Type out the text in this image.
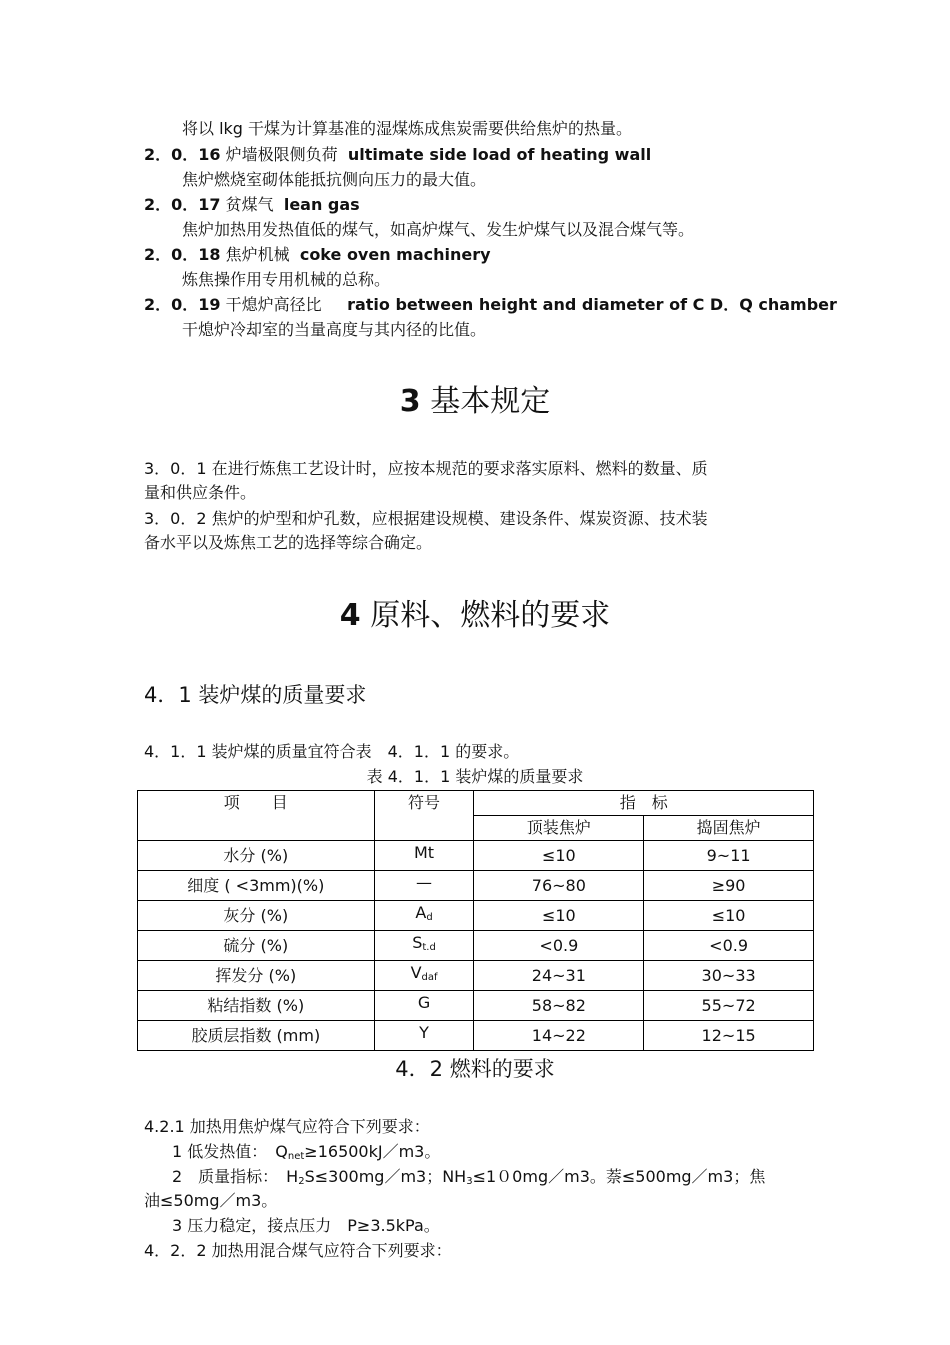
将以 lkg 干煤为计算基准的湿煤炼成焦炭需要供给焦炉的热量。
2．0．16 炉墙极限侧负荷 ultimate side load of heating wall
焦炉燃烧室砌体能抵抗侧向压力的最大值。
2．0．17 贫煤气 lean gas
焦炉加热用发热值低的煤气，如高炉煤气、发生炉煤气以及混合煤气等。
2．0．18 焦炉机械 coke oven machinery
炼焦操作用专用机械的总称。
2．0．19 干熄炉高径比 ratio between height and diameter of C D．Q chamber
干熄炉冷却室的当量高度与其内径的比值。
3 基本规定
3．0．1 在进行炼焦工艺设计时，应按本规范的要求落实原料、燃料的数量、质
量和供应条件。
3．0．2 焦炉的炉型和炉孔数，应根据建设规模、建设条件、煤炭资源、技术装
备水平以及炼焦工艺的选择等综合确定。
4 原料、燃料的要求
4．1 装炉煤的质量要求
4．1．1 装炉煤的质量宜符合表　4．1．1 的要求。
表 4．1．1 装炉煤的质量要求
项　　目	符号	指　标	
		顶装焦炉	捣固焦炉
水分 (%)	Mt	≤10	9~11
细度 ( <3mm)(%)	—	76~80	≥90
灰分 (%)	$A_d$	≤10	≤10
硫分 (%)	$S_{t.d}$	<0.9	<0.9
挥发分 (%)	$V_{daf}$	24~31	30~33
粘结指数 (%)	G	58~82	55~72
胶质层指数 (mm)	Y	14~22	12~15
4．2 燃料的要求
4.2.1 加热用焦炉煤气应符合下列要求：
1 低发热值：　$Q_{net}\ge 16500kJ/m3$。
2　质量指标：　$H_2S\le 300mg/m3$；$NH_3\le 100mg/m3$。萘≤500mg／m3；焦
油≤50mg／m3。
3 压力稳定，接点压力　P≥3.5kPa。
4．2．2 加热用混合煤气应符合下列要求：
